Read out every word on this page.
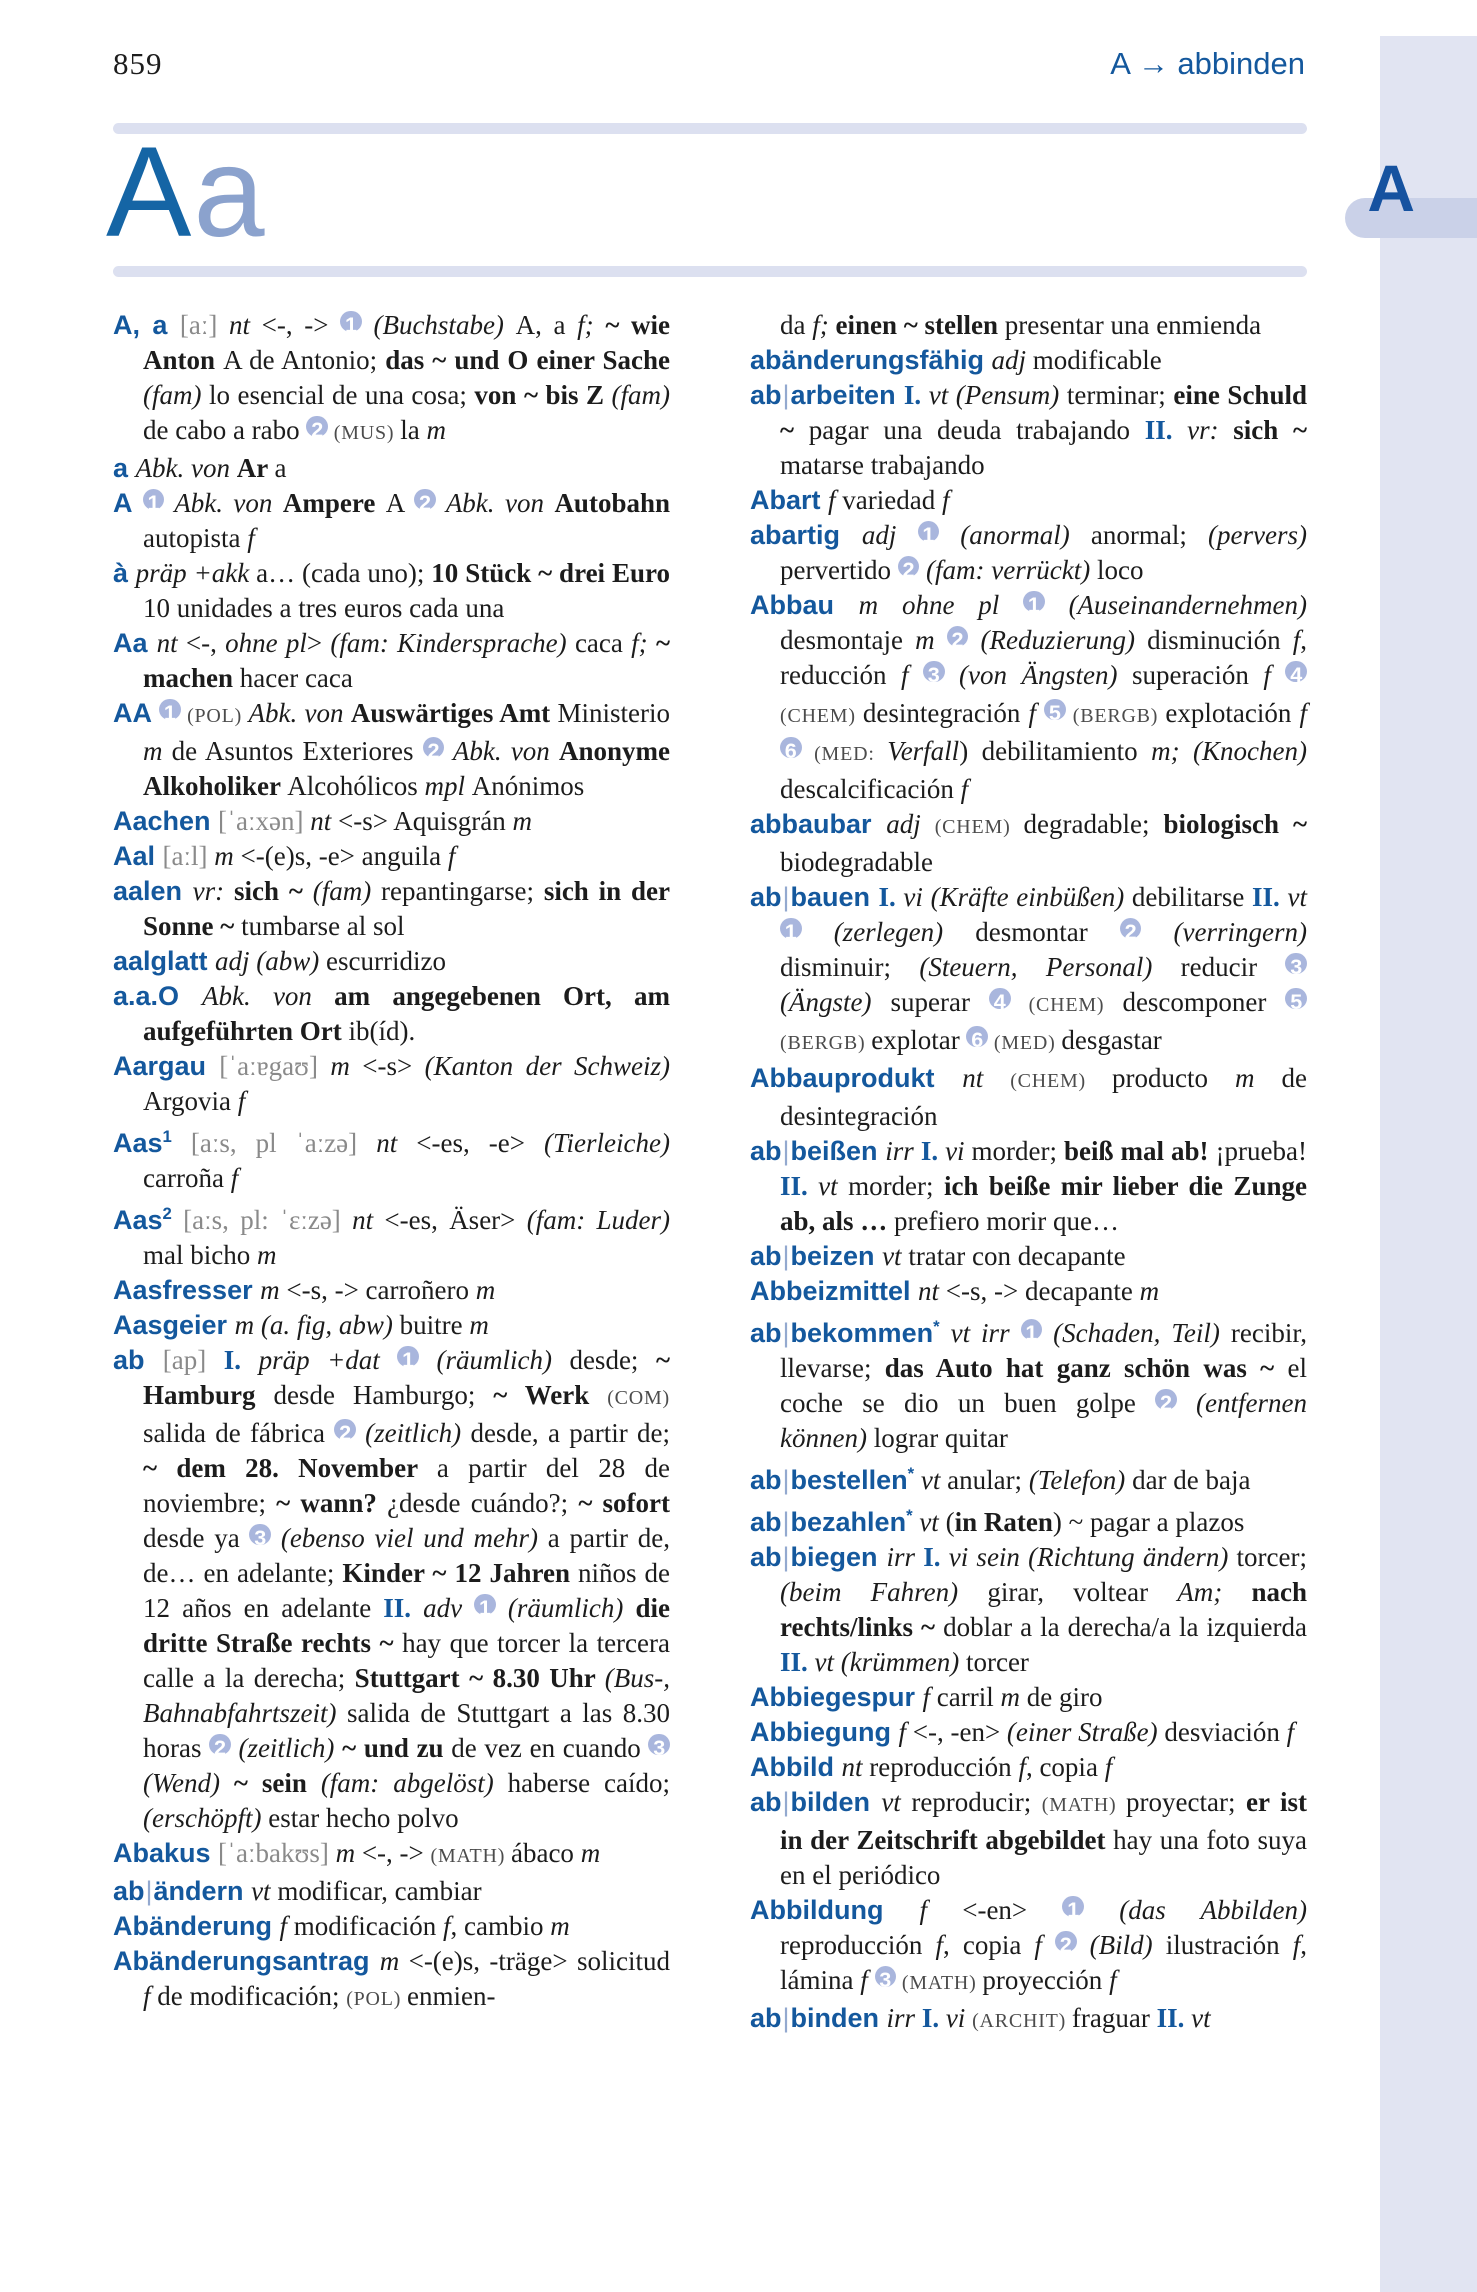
859	A → abbinden
Aa	A

A, a [aː] nt <-, -> 1 (Buchstabe) A, a f; ~ wie Anton A de Antonio; das ~ und O einer Sache (fam) lo esencial de una cosa; von ~ bis Z (fam) de cabo a rabo 2 (MUS) la m

a Abk. von Ar a

A 1 Abk. von Ampere A 2 Abk. von Autobahn autopista f

à präp +akk a… (cada uno); 10 Stück ~ drei Euro 10 unidades a tres euros cada una

Aa nt <-, ohne pl> (fam: Kindersprache) caca f; ~ machen hacer caca

AA 1 (POL) Abk. von Auswärtiges Amt Ministerio m de Asuntos Exteriores 2 Abk. von Anonyme Alkoholiker Alcohólicos mpl Anónimos

Aachen [ˈaːxən] nt <-s> Aquisgrán m

Aal [aːl] m <-(e)s, -e> anguila f

aalen vr: sich ~ (fam) repantingarse; sich in der Sonne ~ tumbarse al sol

aalglatt adj (abw) escurridizo

a.a.O Abk. von am angegebenen Ort, am aufgeführten Ort ib(íd).

Aargau [ˈaːɐgaʊ] m <-s> (Kanton der Schweiz) Argovia f

Aas$^1$ [aːs, pl ˈaːzə] nt <-es, -e> (Tierleiche) carroña f

Aas$^2$ [aːs, pl: ˈɛːzə] nt <-es, Äser> (fam: Luder) mal bicho m

Aasfresser m <-s, -> carroñero m

Aasgeier m (a. fig, abw) buitre m

ab [ap] I. präp +dat 1 (räumlich) desde; ~ Hamburg desde Hamburgo; ~ Werk (COM) salida de fábrica 2 (zeitlich) desde, a partir de; ~ dem 28. November a partir del 28 de noviembre; ~ wann? ¿desde cuándo?; ~ sofort desde ya 3 (ebenso viel und mehr) a partir de, de… en adelante; Kinder ~ 12 Jahren niños de 12 años en adelante II. adv 1 (räumlich) die dritte Straße rechts ~ hay que torcer la tercera calle a la derecha; Stuttgart ~ 8.30 Uhr (Bus-, Bahnabfahrtszeit) salida de Stuttgart a las 8.30 horas 2 (zeitlich) ~ und zu de vez en cuando 3 (Wend) ~ sein (fam: abgelöst) haberse caído; (erschöpft) estar hecho polvo

Abakus [ˈaːbakʊs] m <-, -> (MATH) ábaco m

ab|ändern vt modificar, cambiar

Abänderung f modificación f, cambio m

Abänderungsantrag m <-(e)s, -träge> solicitud f de modificación; (POL) enmien-

da f; einen ~ stellen presentar una enmienda

abänderungsfähig adj modificable

ab|arbeiten I. vt (Pensum) terminar; eine Schuld ~ pagar una deuda trabajando II. vr: sich ~ matarse trabajando

Abart f variedad f

abartig adj 1 (anormal) anormal; (pervers) pervertido 2 (fam: verrückt) loco

Abbau m ohne pl 1 (Auseinandernehmen) desmontaje m 2 (Reduzierung) disminución f, reducción f 3 (von Ängsten) superación f 4 (CHEM) desintegración f 5 (BERGB) explotación f 6 (MED: Verfall) debilitamiento m; (Knochen) descalcificación f

abbaubar adj (CHEM) degradable; biologisch ~ biodegradable

ab|bauen I. vi (Kräfte einbüßen) debilitarse II. vt 1 (zerlegen) desmontar 2 (verringern) disminuir; (Steuern, Personal) reducir 3 (Ängste) superar 4 (CHEM) descomponer 5 (BERGB) explotar 6 (MED) desgastar

Abbauprodukt nt (CHEM) producto m de desintegración

ab|beißen irr I. vi morder; beiß mal ab! ¡prueba! II. vt morder; ich beiße mir lieber die Zunge ab, als … prefiero morir que…

ab|beizen vt tratar con decapante

Abbeizmittel nt <-s, -> decapante m

ab|bekommen* vt irr 1 (Schaden, Teil) recibir, llevarse; das Auto hat ganz schön was ~ el coche se dio un buen golpe 2 (entfernen können) lograr quitar

ab|bestellen* vt anular; (Telefon) dar de baja

ab|bezahlen* vt (in Raten) ~ pagar a plazos

ab|biegen irr I. vi sein (Richtung ändern) torcer; (beim Fahren) girar, voltear Am; nach rechts/links ~ doblar a la derecha/a la izquierda II. vt (krümmen) torcer

Abbiegespur f carril m de giro

Abbiegung f <-, -en> (einer Straße) desviación f

Abbild nt reproducción f, copia f

ab|bilden vt reproducir; (MATH) proyectar; er ist in der Zeitschrift abgebildet hay una foto suya en el periódico

Abbildung f <-en> 1 (das Abbilden) reproducción f, copia f 2 (Bild) ilustración f, lámina f 3 (MATH) proyección f

ab|binden irr I. vi (ARCHIT) fraguar II. vt
